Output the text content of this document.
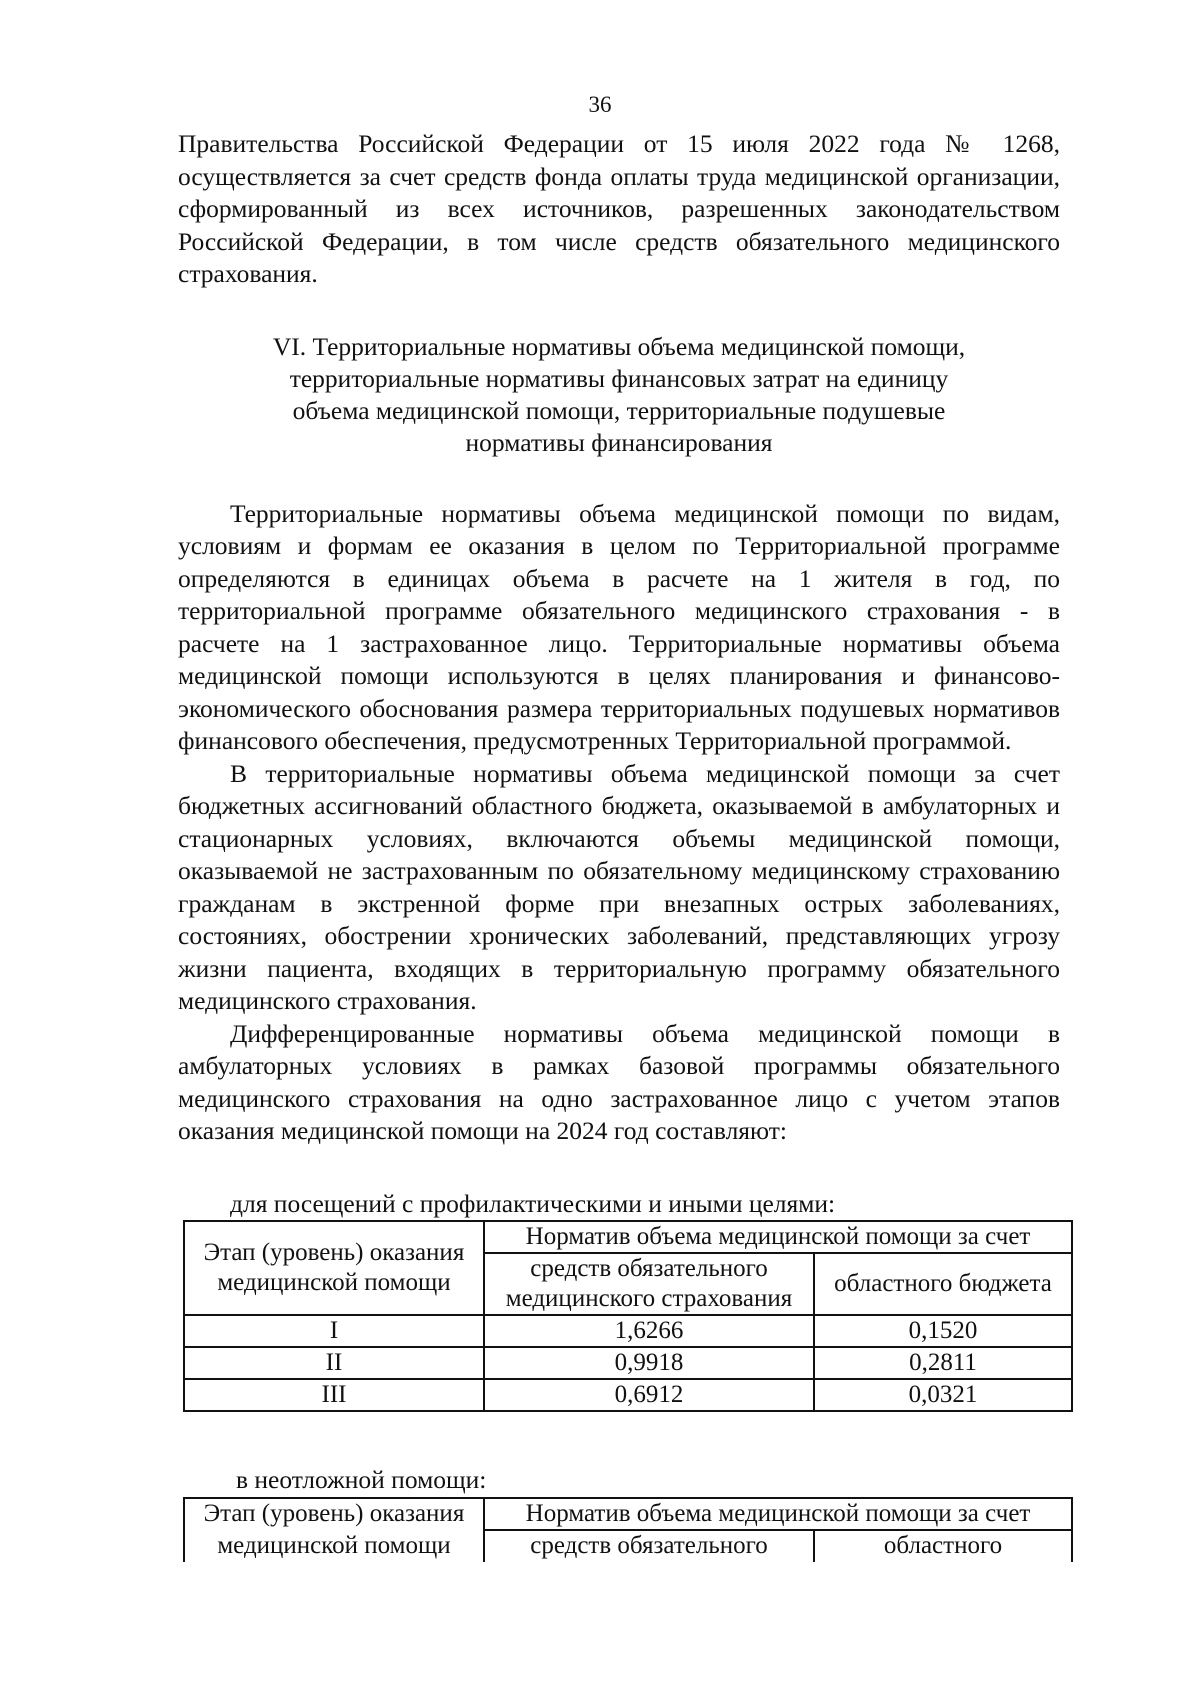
36

Правительства Российской Федерации от 15 июля 2022 года № 1268, осуществляется за счет средств фонда оплаты труда медицинской организации, сформированный из всех источников, разрешенных законодательством Российской Федерации, в том числе средств обязательного медицинского страхования.

VI. Территориальные нормативы объема медицинской помощи,
территориальные нормативы финансовых затрат на единицу
объема медицинской помощи, территориальные подушевые
нормативы финансирования

Территориальные нормативы объема медицинской помощи по видам, условиям и формам ее оказания в целом по Территориальной программе определяются в единицах объема в расчете на 1 жителя в год, по территориальной программе обязательного медицинского страхования - в расчете на 1 застрахованное лицо. Территориальные нормативы объема медицинской помощи используются в целях планирования и финансово-экономического обоснования размера территориальных подушевых нормативов финансового обеспечения, предусмотренных Территориальной программой.

В территориальные нормативы объема медицинской помощи за счет бюджетных ассигнований областного бюджета, оказываемой в амбулаторных и стационарных условиях, включаются объемы медицинской помощи, оказываемой не застрахованным по обязательному медицинскому страхованию гражданам в экстренной форме при внезапных острых заболеваниях, состояниях, обострении хронических заболеваний, представляющих угрозу жизни пациента, входящих в территориальную программу обязательного медицинского страхования.

Дифференцированные нормативы объема медицинской помощи в амбулаторных условиях в рамках базовой программы обязательного медицинского страхования на одно застрахованное лицо с учетом этапов оказания медицинской помощи на 2024 год составляют:

для посещений с профилактическими и иными целями:
Этап (уровень) оказания медицинской помощи	Норматив объема медицинской помощи за счет	
	средств обязательного медицинского страхования	областного бюджета
I	1,6266	0,1520
II	0,9918	0,2811
III	0,6912	0,0321
в неотложной помощи:
Этап (уровень) оказания	Норматив объема медицинской помощи за счет	
медицинской помощи	средств обязательного	областного
